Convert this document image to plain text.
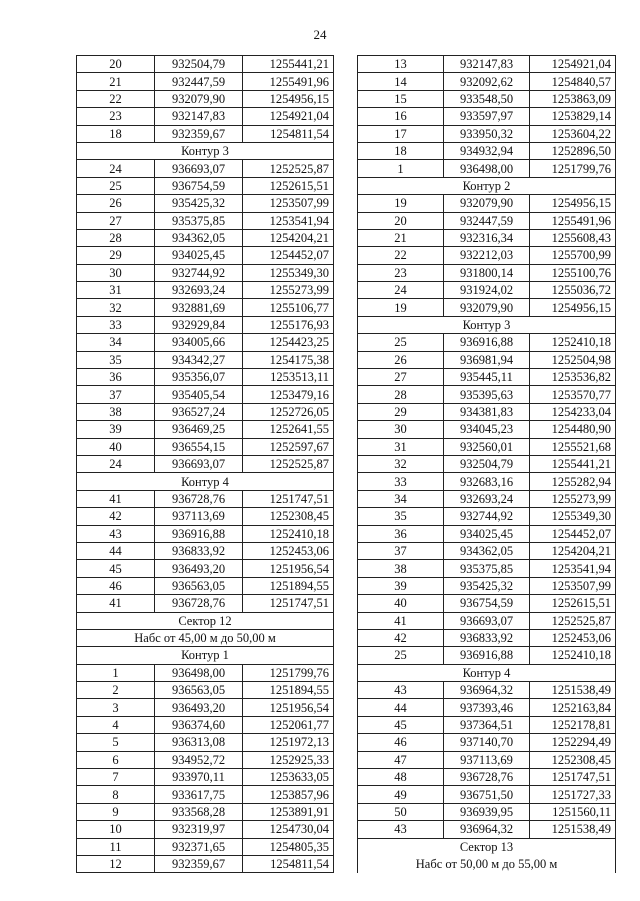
24
20	932504,79	1255441,21
21	932447,59	1255491,96
22	932079,90	1254956,15
23	932147,83	1254921,04
18	932359,67	1254811,54
Контур 3		
24	936693,07	1252525,87
25	936754,59	1252615,51
26	935425,32	1253507,99
27	935375,85	1253541,94
28	934362,05	1254204,21
29	934025,45	1254452,07
30	932744,92	1255349,30
31	932693,24	1255273,99
32	932881,69	1255106,77
33	932929,84	1255176,93
34	934005,66	1254423,25
35	934342,27	1254175,38
36	935356,07	1253513,11
37	935405,54	1253479,16
38	936527,24	1252726,05
39	936469,25	1252641,55
40	936554,15	1252597,67
24	936693,07	1252525,87
Контур 4		
41	936728,76	1251747,51
42	937113,69	1252308,45
43	936916,88	1252410,18
44	936833,92	1252453,06
45	936493,20	1251956,54
46	936563,05	1251894,55
41	936728,76	1251747,51
Сектор 12		
Набс от 45,00 м до 50,00 м		
Контур 1		
1	936498,00	1251799,76
2	936563,05	1251894,55
3	936493,20	1251956,54
4	936374,60	1252061,77
5	936313,08	1251972,13
6	934952,72	1252925,33
7	933970,11	1253633,05
8	933617,75	1253857,96
9	933568,28	1253891,91
10	932319,97	1254730,04
11	932371,65	1254805,35
12	932359,67	1254811,54
13	932147,83	1254921,04
14	932092,62	1254840,57
15	933548,50	1253863,09
16	933597,97	1253829,14
17	933950,32	1253604,22
18	934932,94	1252896,50
1	936498,00	1251799,76
Контур 2		
19	932079,90	1254956,15
20	932447,59	1255491,96
21	932316,34	1255608,43
22	932212,03	1255700,99
23	931800,14	1255100,76
24	931924,02	1255036,72
19	932079,90	1254956,15
Контур 3		
25	936916,88	1252410,18
26	936981,94	1252504,98
27	935445,11	1253536,82
28	935395,63	1253570,77
29	934381,83	1254233,04
30	934045,23	1254480,90
31	932560,01	1255521,68
32	932504,79	1255441,21
33	932683,16	1255282,94
34	932693,24	1255273,99
35	932744,92	1255349,30
36	934025,45	1254452,07
37	934362,05	1254204,21
38	935375,85	1253541,94
39	935425,32	1253507,99
40	936754,59	1252615,51
41	936693,07	1252525,87
42	936833,92	1252453,06
25	936916,88	1252410,18
Контур 4		
43	936964,32	1251538,49
44	937393,46	1252163,84
45	937364,51	1252178,81
46	937140,70	1252294,49
47	937113,69	1252308,45
48	936728,76	1251747,51
49	936751,50	1251727,33
50	936939,95	1251560,11
43	936964,32	1251538,49
Сектор 13		
Набс от 50,00 м до 55,00 м		
